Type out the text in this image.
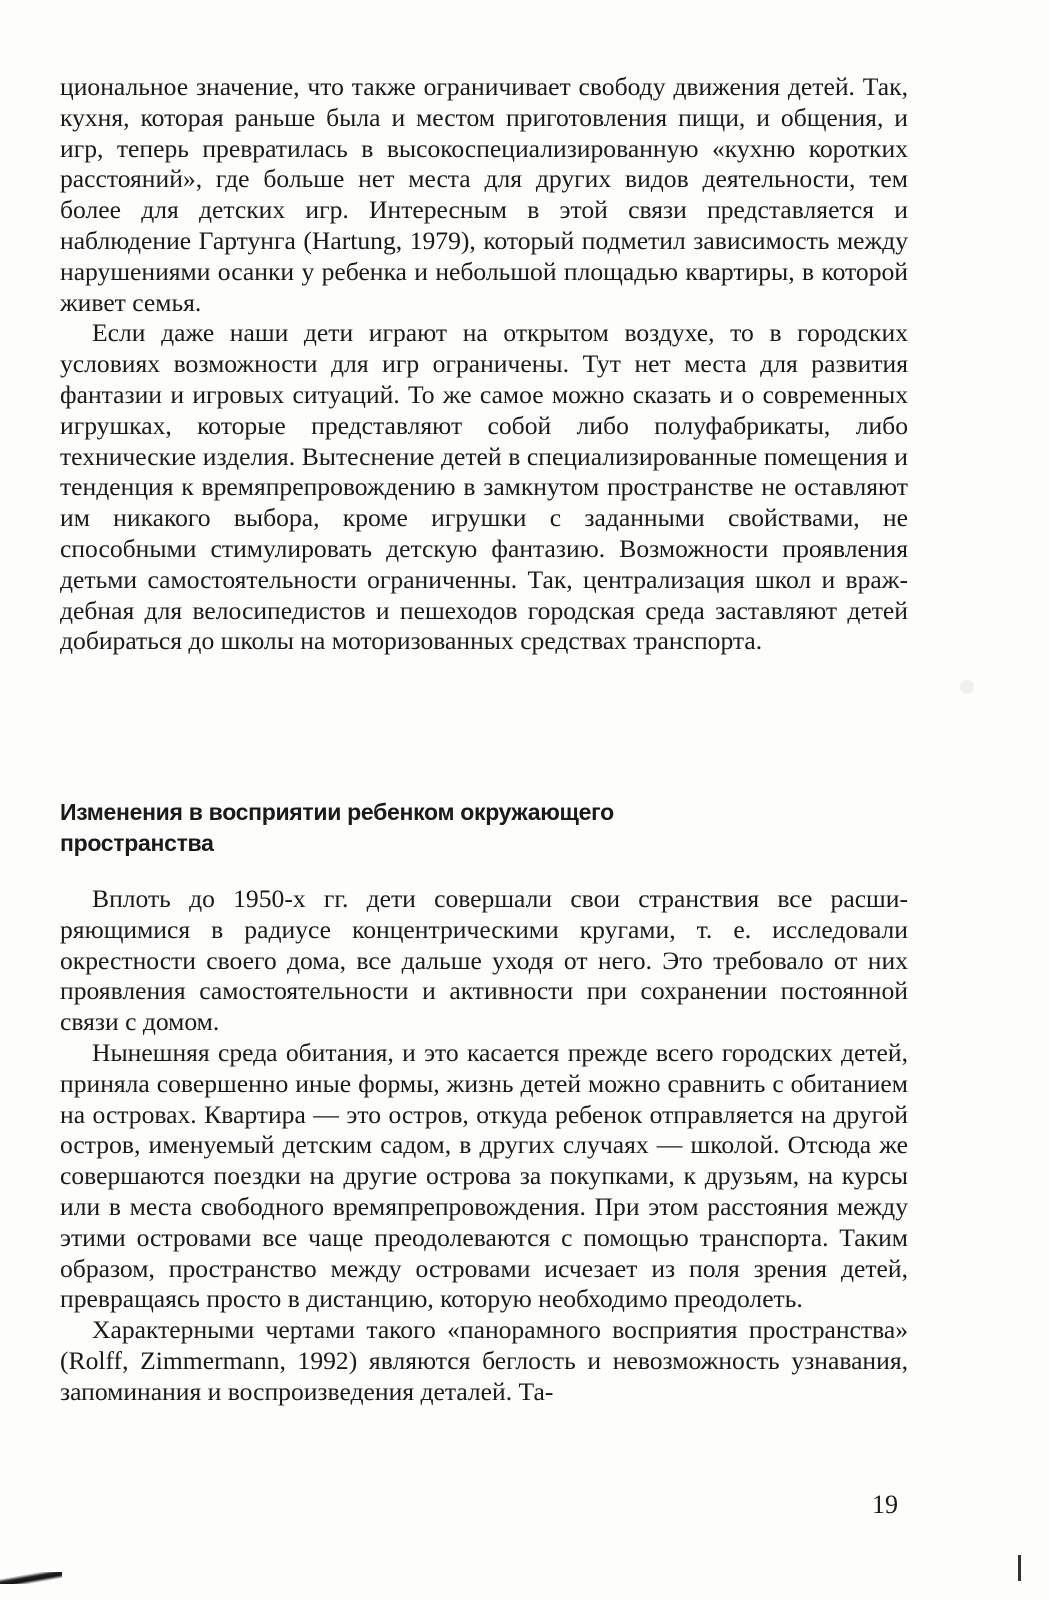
циональное значение, что также ограничивает свободу движения детей. Так, кухня, которая раньше была и местом приготовления пищи, и общения, и игр, теперь превратилась в высокоспециализированную «кухню коротких расстояний», где больше нет места для других видов деятельности, тем более для детских игр. Интересным в этой связи представляется и наблюдение Гартунга (Hartung, 1979), который подметил зависимость между нарушениями осанки у ребенка и небольшой площадью квартиры, в которой живет семья.

Если даже наши дети играют на открытом воздухе, то в городских условиях возможности для игр ограничены. Тут нет места для развития фантазии и игровых ситуаций. То же самое можно сказать и о современных игрушках, которые представляют собой либо полуфабрикаты, либо технические изделия. Вытеснение детей в специализированные помещения и тенденция к времяпрепровождению в замкнутом пространстве не оставляют им никакого выбора, кроме игрушки с заданными свойствами, не способными стимулировать детскую фантазию. Возможности проявления детьми самостоятельности ограниченны. Так, централизация школ и враждебная для велосипедистов и пешеходов городская среда заставляют детей добираться до школы на моторизованных средствах транспорта.

Изменения в восприятии ребенком окружающего пространства

Вплоть до 1950-х гг. дети совершали свои странствия все расширяющимися в радиусе концентрическими кругами, т. е. исследовали окрестности своего дома, все дальше уходя от него. Это требовало от них проявления самостоятельности и активности при сохранении постоянной связи с домом.

Нынешняя среда обитания, и это касается прежде всего городских детей, приняла совершенно иные формы, жизнь детей можно сравнить с обитанием на островах. Квартира — это остров, откуда ребенок отправляется на другой остров, именуемый детским садом, в других случаях — школой. Отсюда же совершаются поездки на другие острова за покупками, к друзьям, на курсы или в места свободного времяпрепровождения. При этом расстояния между этими островами все чаще преодолеваются с помощью транспорта. Таким образом, пространство между островами исчезает из поля зрения детей, превращаясь просто в дистанцию, которую необходимо преодолеть.

Характерными чертами такого «панорамного восприятия пространства» (Rolff, Zimmermann, 1992) являются беглость и невозможность узнавания, запоминания и воспроизведения деталей. Та-

19
